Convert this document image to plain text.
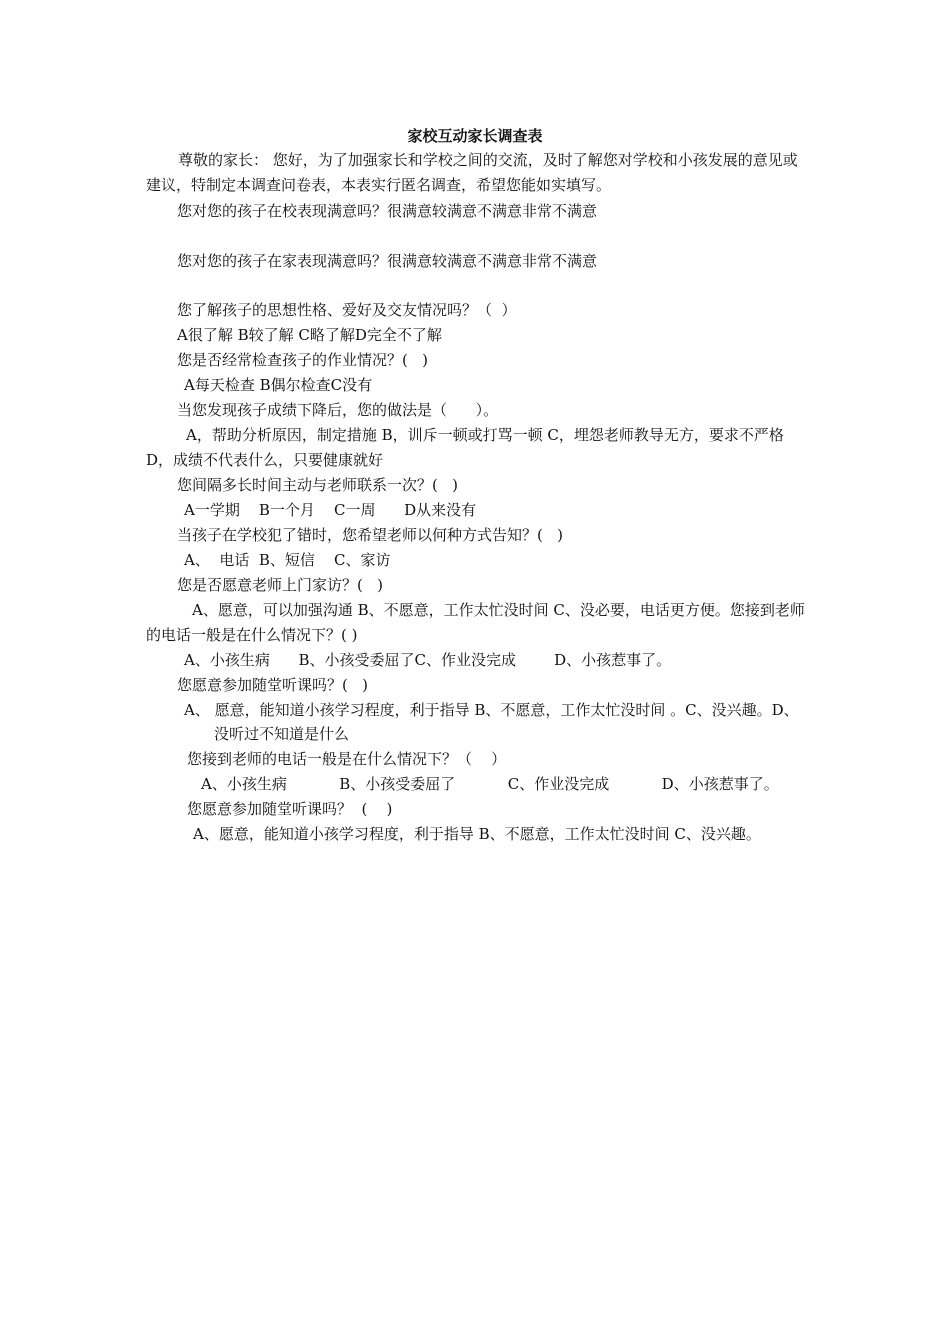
家校互动家长调查表
尊敬的家长： 您好，为了加强家长和学校之间的交流，及时了解您对学校和小孩发展的意见或建议，特制定本调查问卷表，本表实行匿名调查，希望您能如实填写。
您对您的孩子在校表现满意吗？很满意较满意不满意非常不满意
您对您的孩子在家表现满意吗？很满意较满意不满意非常不满意
您了解孩子的思想性格、爱好及交友情况吗？（  ）
A很了解 B较了解 C略了解D完全不了解
您是否经常检查孩子的作业情况？(   )
A每天检查 B偶尔检查C没有
当您发现孩子成绩下降后，您的做法是（      ）。
A，帮助分析原因，制定措施 B，训斥一顿或打骂一顿 C，埋怨老师教导无方，要求不严格 D，成绩不代表什么，只要健康就好
您间隔多长时间主动与老师联系一次？(   )
A一学期    B一个月    C一周      D从来没有
当孩子在学校犯了错时，您希望老师以何种方式告知？(   )
A、  电话  B、短信    C、家访
您是否愿意老师上门家访？(   )
A、愿意，可以加强沟通 B、不愿意，工作太忙没时间 C、没必要，电话更方便。您接到老师的电话一般是在什么情况下？( )
A、小孩生病      B、小孩受委屈了C、作业没完成        D、小孩惹事了。
您愿意参加随堂听课吗？(   )
A、 愿意，能知道小孩学习程度，利于指导 B、不愿意，工作太忙没时间 。C、没兴趣。D、
没听过不知道是什么
您接到老师的电话一般是在什么情况下？（    ）
A、小孩生病           B、小孩受委屈了           C、作业没完成           D、小孩惹事了。
您愿意参加随堂听课吗？  (    )
A、愿意，能知道小孩学习程度，利于指导 B、不愿意，工作太忙没时间 C、没兴趣。
